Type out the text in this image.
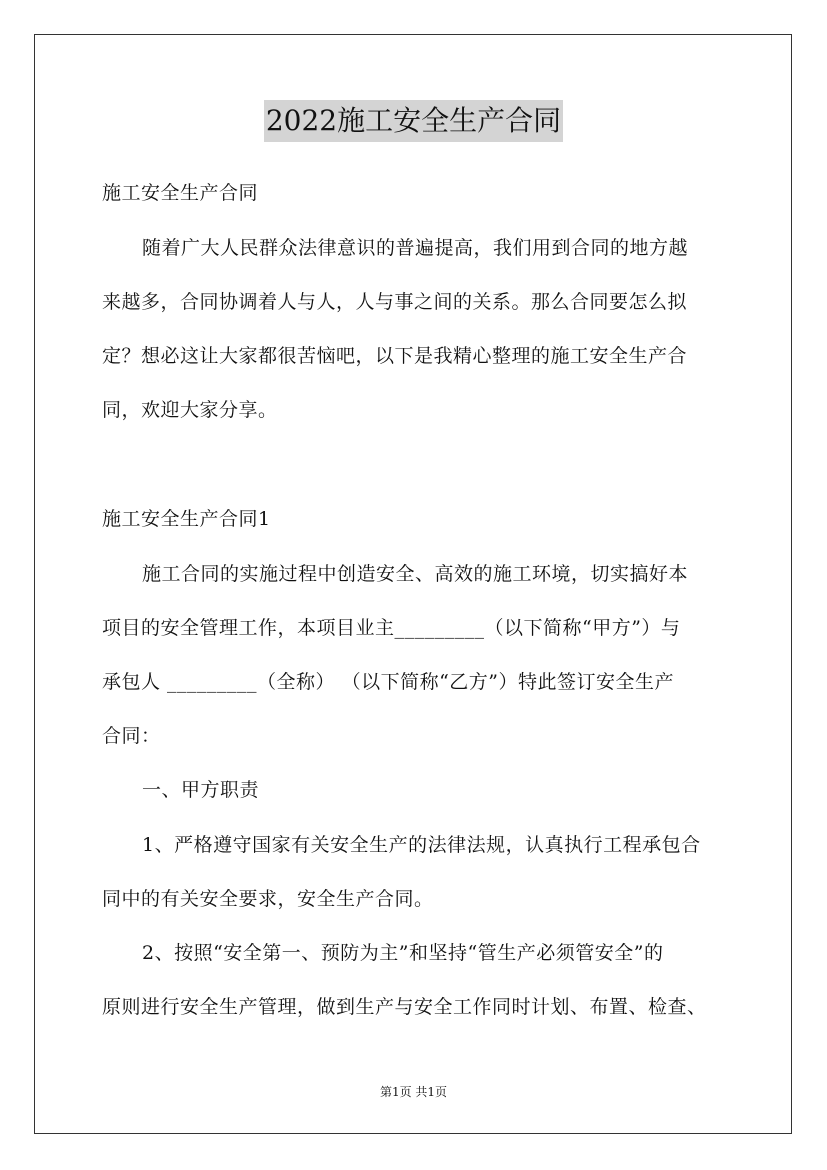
2022施工安全生产合同
施工安全生产合同
随着广大人民群众法律意识的普遍提高，我们用到合同的地方越
来越多，合同协调着人与人，人与事之间的关系。那么合同要怎么拟
定？想必这让大家都很苦恼吧，以下是我精心整理的施工安全生产合
同，欢迎大家分享。
施工安全生产合同1
施工合同的实施过程中创造安全、高效的施工环境，切实搞好本
项目的安全管理工作，本项目业主_________（以下简称“甲方”）与
承包人 _________（全称） （以下简称“乙方”）特此签订安全生产
合同：
一、甲方职责
1、严格遵守国家有关安全生产的法律法规，认真执行工程承包合
同中的有关安全要求，安全生产合同。
2、按照“安全第一、预防为主”和坚持“管生产必须管安全”的
原则进行安全生产管理，做到生产与安全工作同时计划、布置、检查、
第1页 共1页
